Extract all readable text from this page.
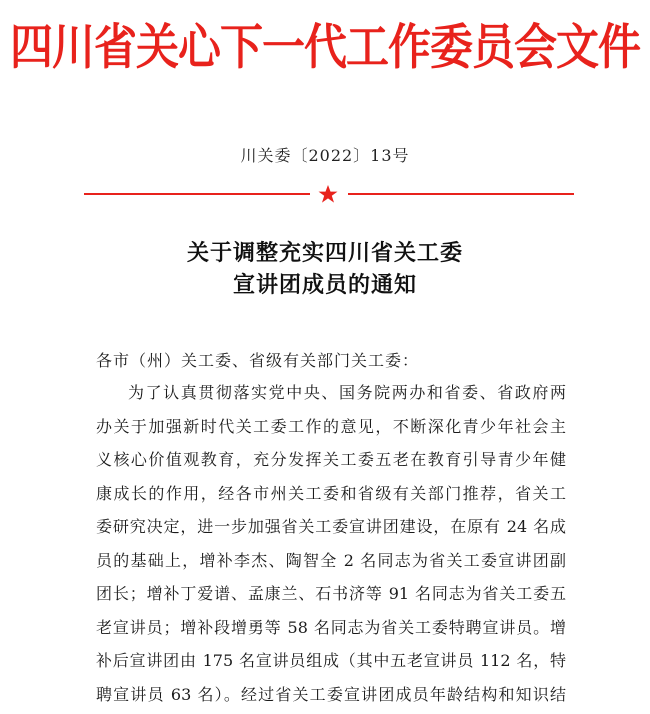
四川省关心下一代工作委员会文件
川关委〔2022〕13号
关于调整充实四川省关工委
宣讲团成员的通知
各市（州）关工委、省级有关部门关工委：
为了认真贯彻落实党中央、国务院两办和省委、省政府两
办关于加强新时代关工委工作的意见，不断深化青少年社会主
义核心价值观教育，充分发挥关工委五老在教育引导青少年健
康成长的作用，经各市州关工委和省级有关部门推荐，省关工
委研究决定，进一步加强省关工委宣讲团建设，在原有 24 名成
员的基础上，增补李杰、陶智全 2 名同志为省关工委宣讲团副
团长；增补丁爱谱、孟康兰、石书济等 91 名同志为省关工委五
老宣讲员；增补段增勇等 58 名同志为省关工委特聘宣讲员。增
补后宣讲团由 175 名宣讲员组成（其中五老宣讲员 112 名，特
聘宣讲员 63 名）。经过省关工委宣讲团成员年龄结构和知识结
